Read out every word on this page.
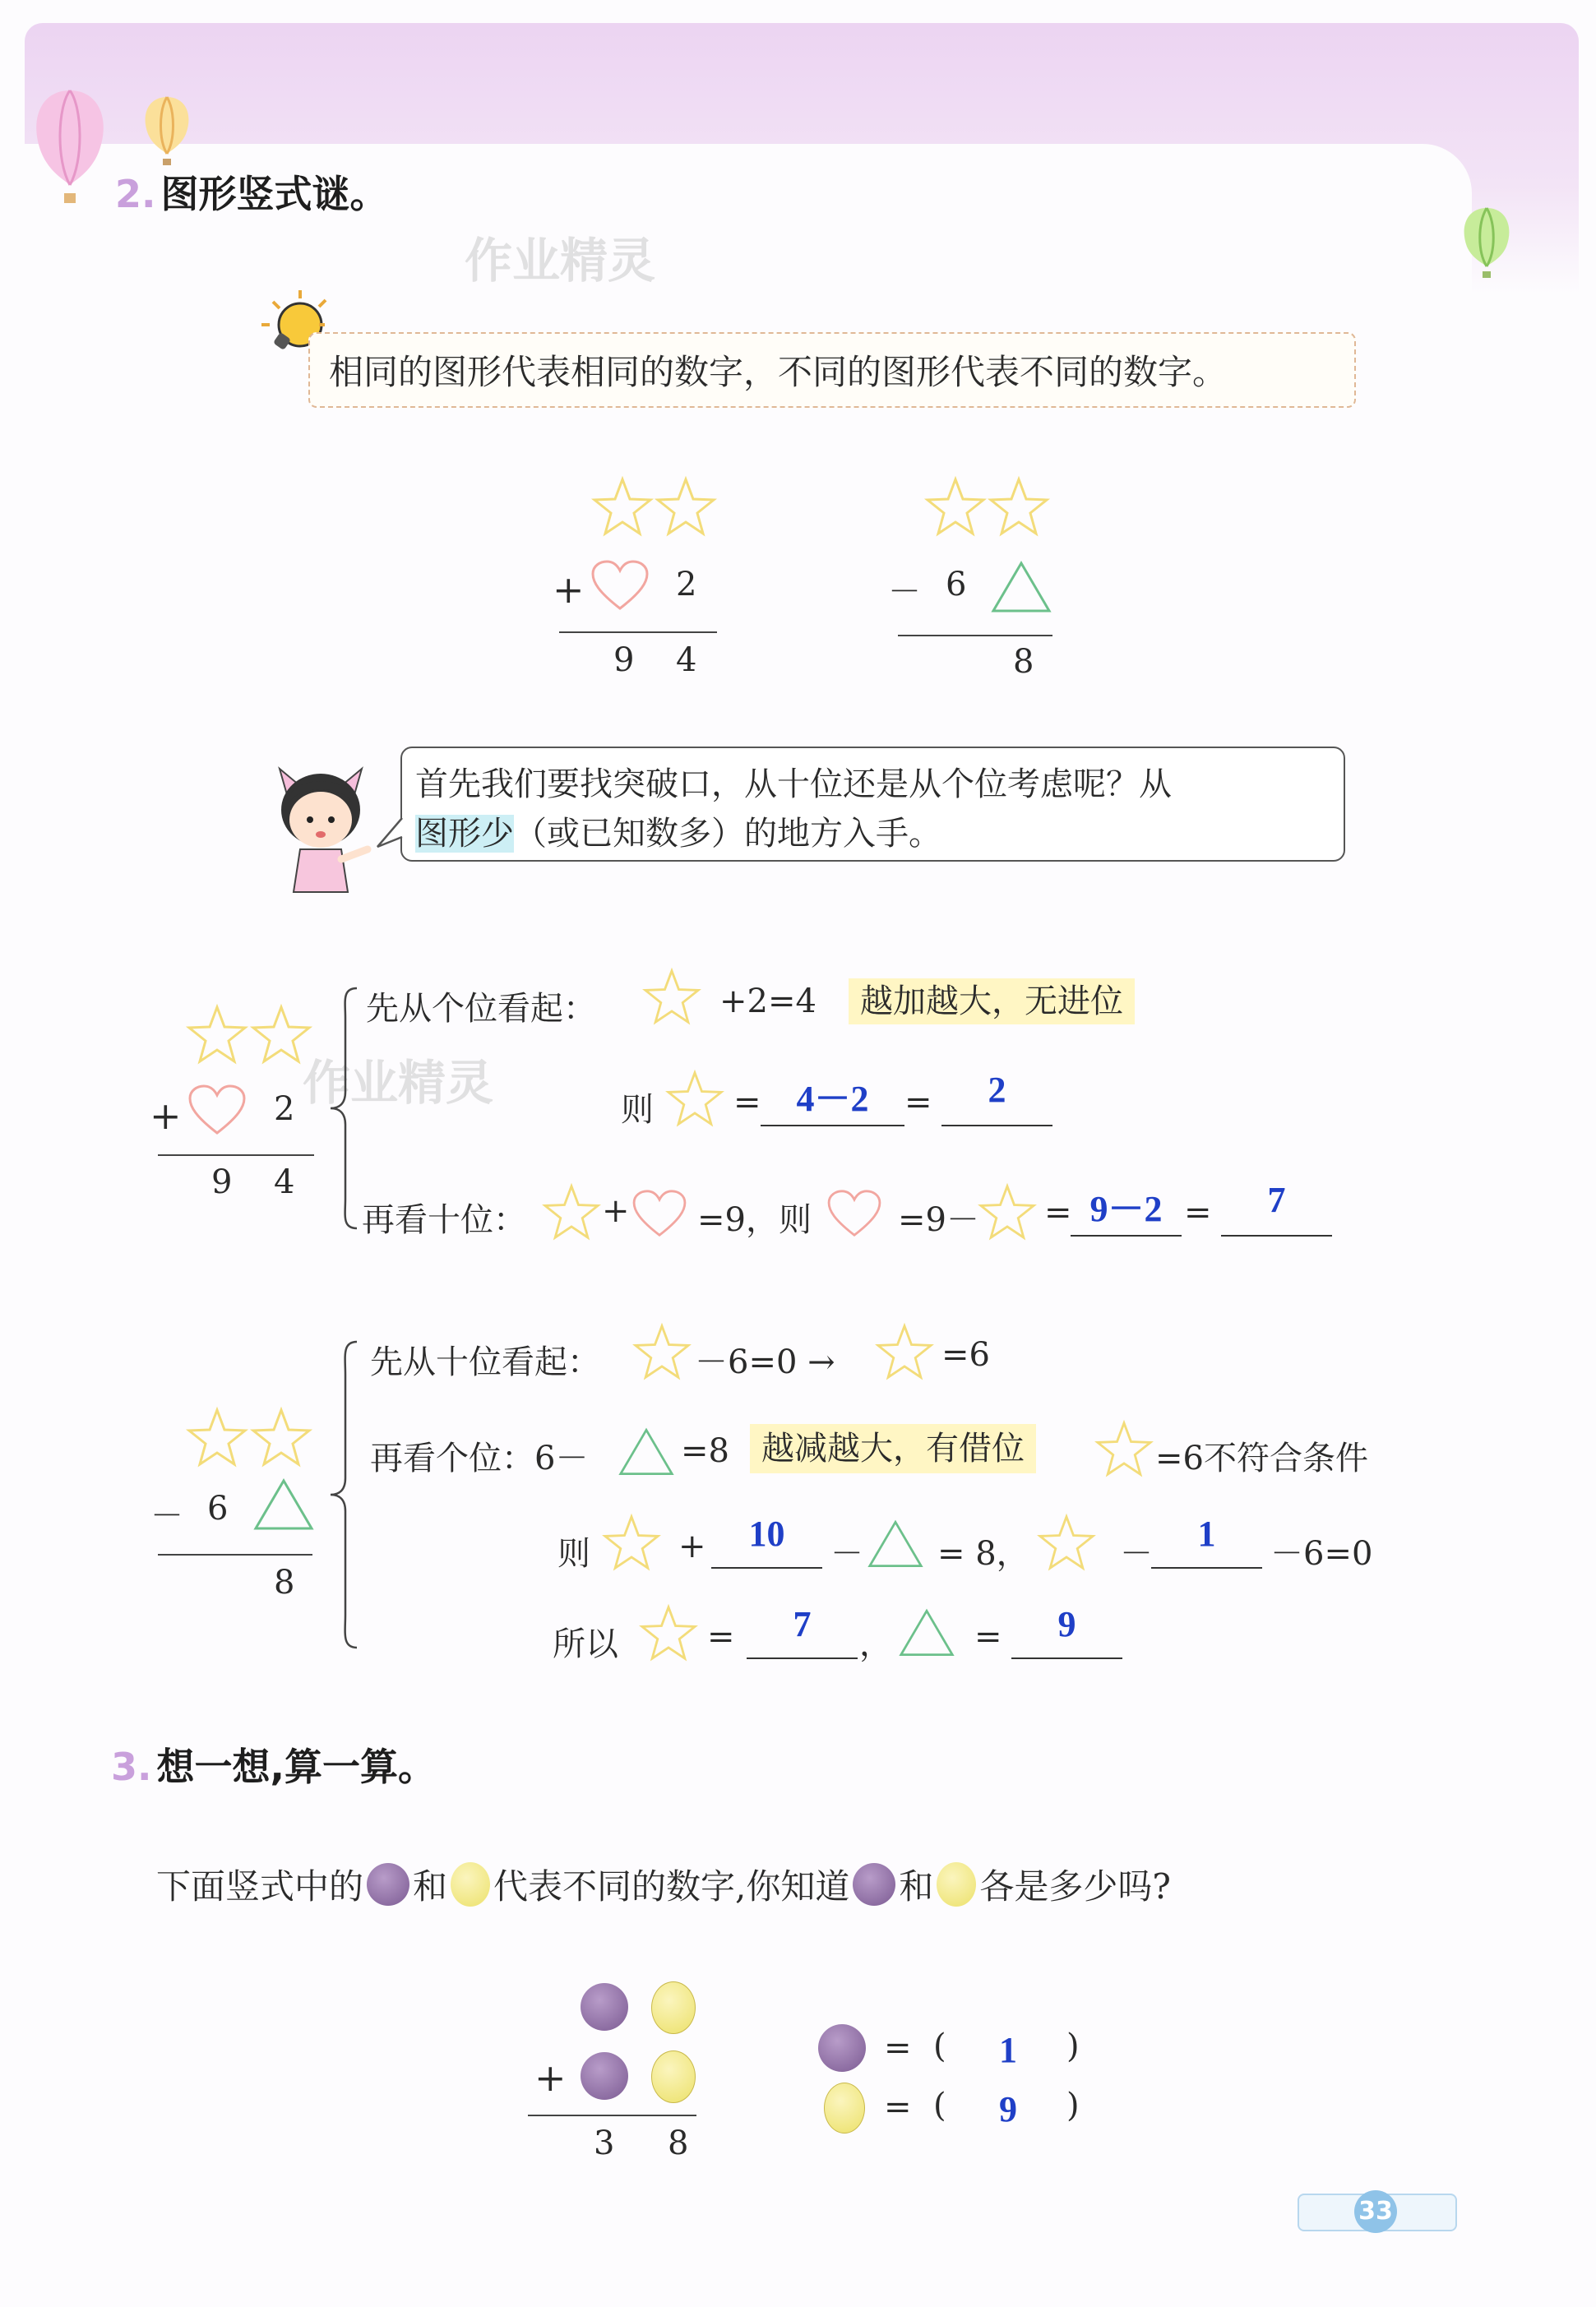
作业精灵
作业精灵
2. 图形竖式谜。
相同的图形代表相同的数字，不同的图形代表不同的数字。
+	2
9 4
－ 6
8
首先我们要找突破口，从十位还是从个位考虑呢？从
图形少（或已知数多）的地方入手。
+	2
9 4
先从个位看起：	+2=4	越加越大，无进位
则 = 4－2	=	2
再看十位： + =9，则	=9－ = 9－2 =	7
－ 6
8
先从十位看起：	－6=0 →	=6
再看个位：6－	=8 越减越大，有借位	=6不符合条件
则	+	10	－ = 8，	－	1	－6=0
所以	=	7	，	=	9
3. 想一想,算一算。
下面竖式中的 和 代表不同的数字,你知道 和 各是多少吗?
+
3 8
= ( 1 )
= ( 9 )
33
